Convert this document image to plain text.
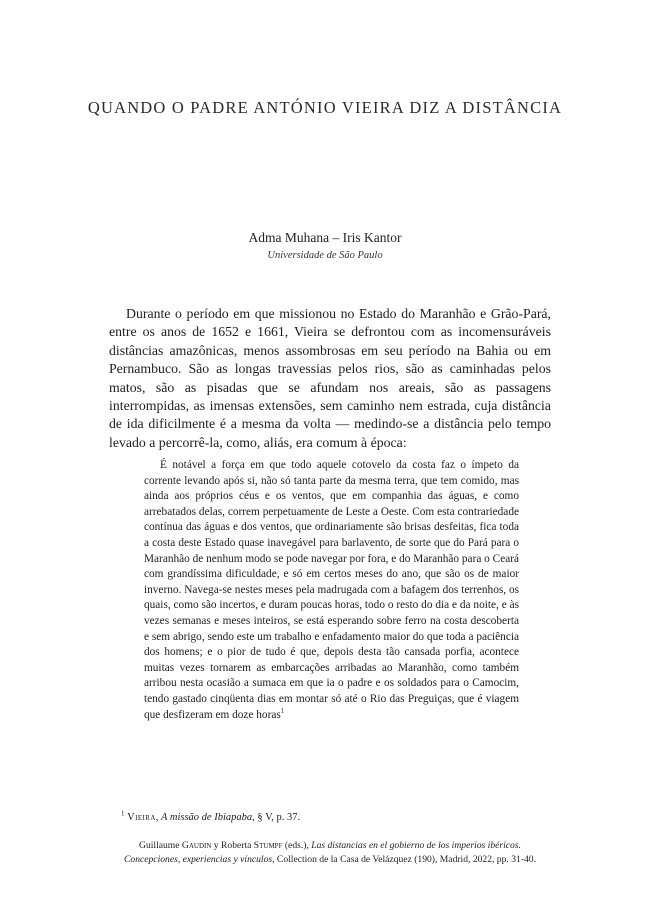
QUANDO O PADRE ANTÓNIO VIEIRA DIZ A DISTÂNCIA
Adma Muhana – Iris Kantor
Universidade de São Paulo

Durante o período em que missionou no Estado do Maranhão e Grão-Pará, entre os anos de 1652 e 1661, Vieira se defrontou com as incomensuráveis distâncias amazônicas, menos assombrosas em seu período na Bahia ou em Pernambuco. São as longas travessias pelos rios, são as caminhadas pelos matos, são as pisadas que se afundam nos areais, são as passagens interrompidas, as imensas extensões, sem caminho nem estrada, cuja distância de ida dificilmente é a mesma da volta — medindo-se a distância pelo tempo levado a percorrê-la, como, aliás, era comum à época:

É notável a força em que todo aquele cotovelo da costa faz o ímpeto da corrente levando após si, não só tanta parte da mesma terra, que tem comido, mas ainda aos próprios céus e os ventos, que em companhia das águas, e como arrebatados delas, correm perpetuamente de Leste a Oeste. Com esta contrariedade contínua das águas e dos ventos, que ordinariamente são brisas desfeitas, fica toda a costa deste Estado quase inavegável para barlavento, de sorte que do Pará para o Maranhão de nenhum modo se pode navegar por fora, e do Maranhão para o Ceará com grandíssima dificuldade, e só em certos meses do ano, que são os de maior inverno. Navega-se nestes meses pela madrugada com a bafagem dos terrenhos, os quais, como são incertos, e duram poucas horas, todo o resto do dia e da noite, e às vezes semanas e meses inteiros, se está esperando sobre ferro na costa descoberta e sem abrigo, sendo este um trabalho e enfadamento maior do que toda a paciência dos homens; e o pior de tudo é que, depois desta tão cansada porfia, acontece muitas vezes tornarem as embarcações arribadas ao Maranhão, como também arribou nesta ocasião a sumaca em que ia o padre e os soldados para o Camocim, tendo gastado cinqüenta dias em montar só até o Rio das Preguiças, que é viagem que desfizeram em doze horas$^1$

$^1$ Vieira, A missão de Ibiapaba, § V, p. 37.
Guillaume Gaudin y Roberta Stumpf (eds.), Las distancias en el gobierno de los imperios ibéricos. Concepciones, experiencias y vínculos, Collection de la Casa de Velázquez (190), Madrid, 2022, pp. 31-40.
